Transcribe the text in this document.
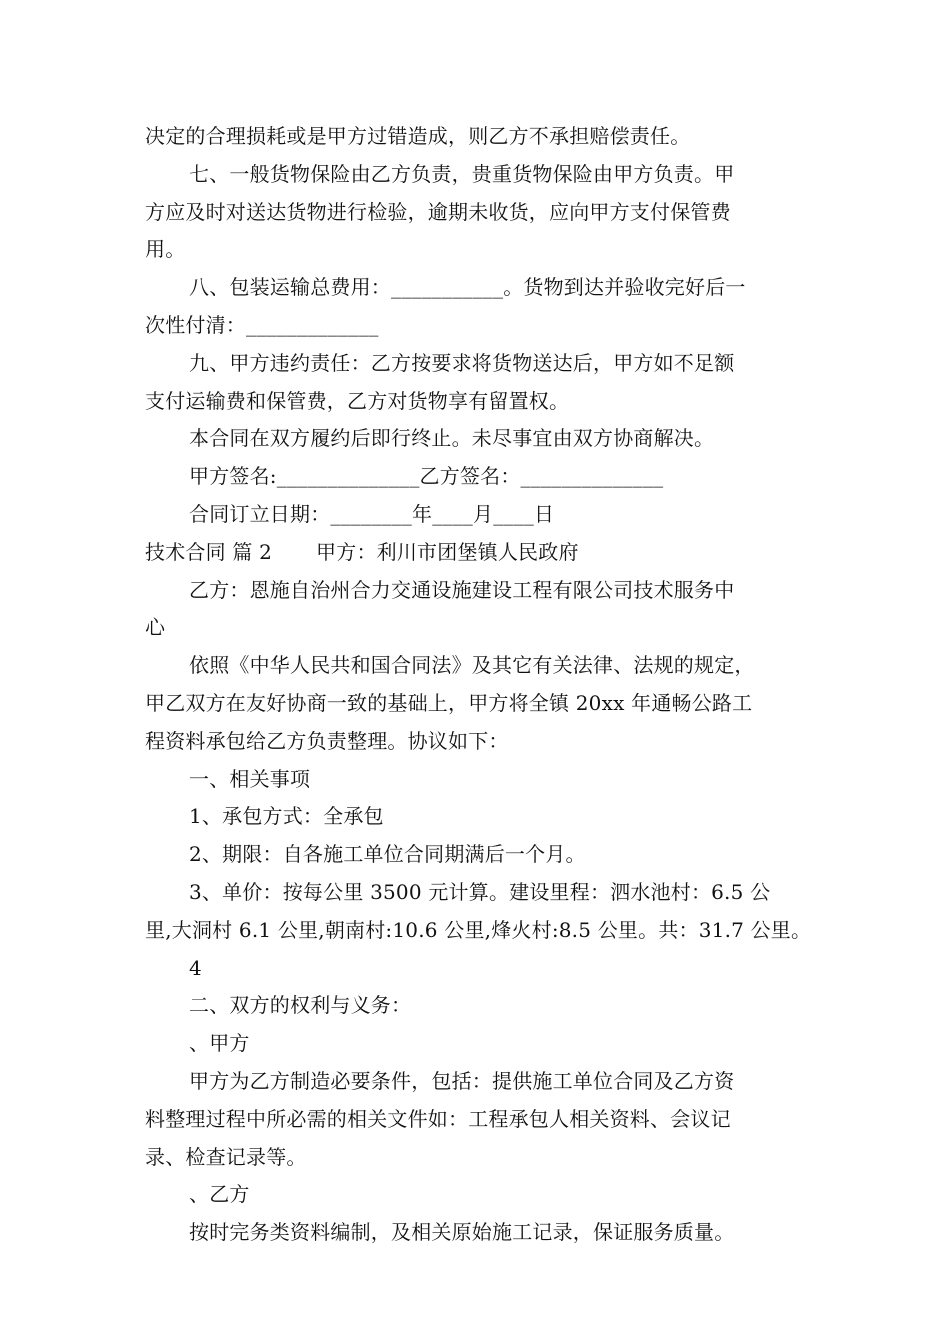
决定的合理损耗或是甲方过错造成，则乙方不承担赔偿责任。
七、一般货物保险由乙方负责，贵重货物保险由甲方负责。甲
方应及时对送达货物进行检验，逾期未收货，应向甲方支付保管费
用。
八、包装运输总费用：___________。货物到达并验收完好后一
次性付清：_____________
九、甲方违约责任：乙方按要求将货物送达后，甲方如不足额
支付运输费和保管费，乙方对货物享有留置权。
本合同在双方履约后即行终止。未尽事宜由双方协商解决。
甲方签名:______________乙方签名：______________
合同订立日期：________年____月____日
技术合同 篇 2 甲方：利川市团堡镇人民政府
乙方：恩施自治州合力交通设施建设工程有限公司技术服务中
心
依照《中华人民共和国合同法》及其它有关法律、法规的规定，
甲乙双方在友好协商一致的基础上，甲方将全镇 20xx 年通畅公路工
程资料承包给乙方负责整理。协议如下：
一、相关事项
1、承包方式：全承包
2、期限：自各施工单位合同期满后一个月。
3、单价：按每公里 3500 元计算。建设里程：泗水池村：6.5 公
里,大洞村 6.1 公里,朝南村:10.6 公里,烽火村:8.5 公里。共：31.7 公里。
4
二、双方的权利与义务：
、甲方
甲方为乙方制造必要条件，包括：提供施工单位合同及乙方资
料整理过程中所必需的相关文件如：工程承包人相关资料、会议记
录、检查记录等。
、乙方
按时完务类资料编制，及相关原始施工记录，保证服务质量。
